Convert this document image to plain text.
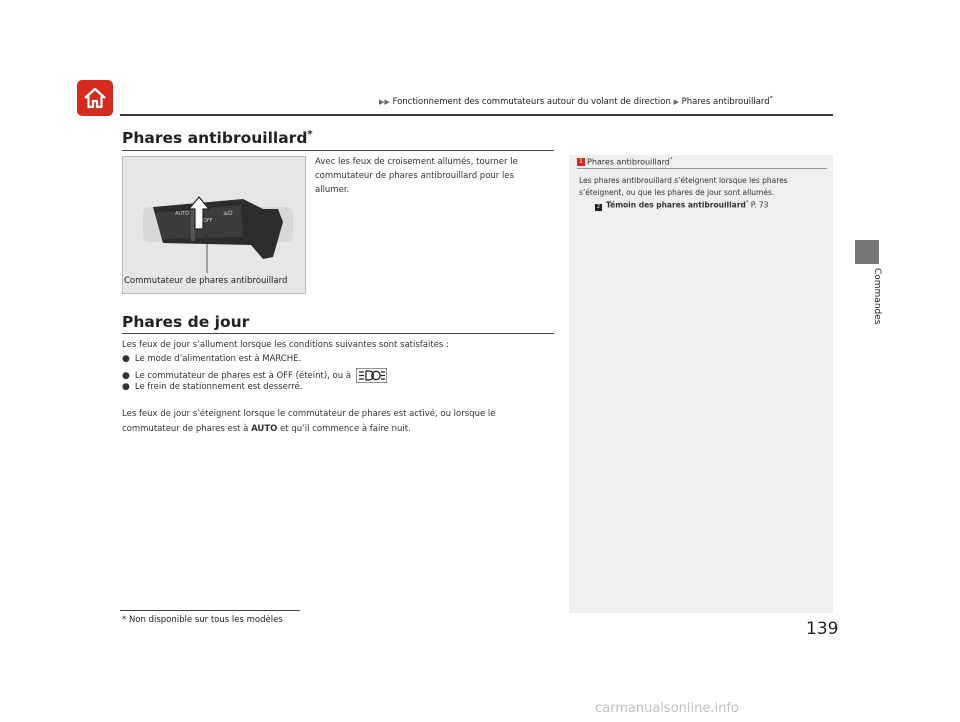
▶▶ Fonctionnement des commutateurs autour du volant de direction ▶ Phares antibrouillard*
Phares antibrouillard*
OFF
≡D
AUTO
Commutateur de phares antibrouillard
Avec les feux de croisement allumés, tourner le commutateur de phares antibrouillard pour les allumer.
Phares de jour
Les feux de jour s’allument lorsque les conditions suivantes sont satisfaites :
● Le mode d’alimentation est à MARCHE.
● Le commutateur de phares est à OFF (éteint), ou à
● Le frein de stationnement est desserré.
Les feux de jour s’éteignent lorsque le commutateur de phares est activé, ou lorsque le
commutateur de phares est à AUTO et qu’il commence à faire nuit.
1 Phares antibrouillard*
Les phares antibrouillard s’éteignent lorsque les phares
s’éteignent, ou que les phares de jour sont allumés.
2 Témoin des phares antibrouillard* P. 73
Commandes
* Non disponible sur tous les modèles	139
carmanualsonline.info
